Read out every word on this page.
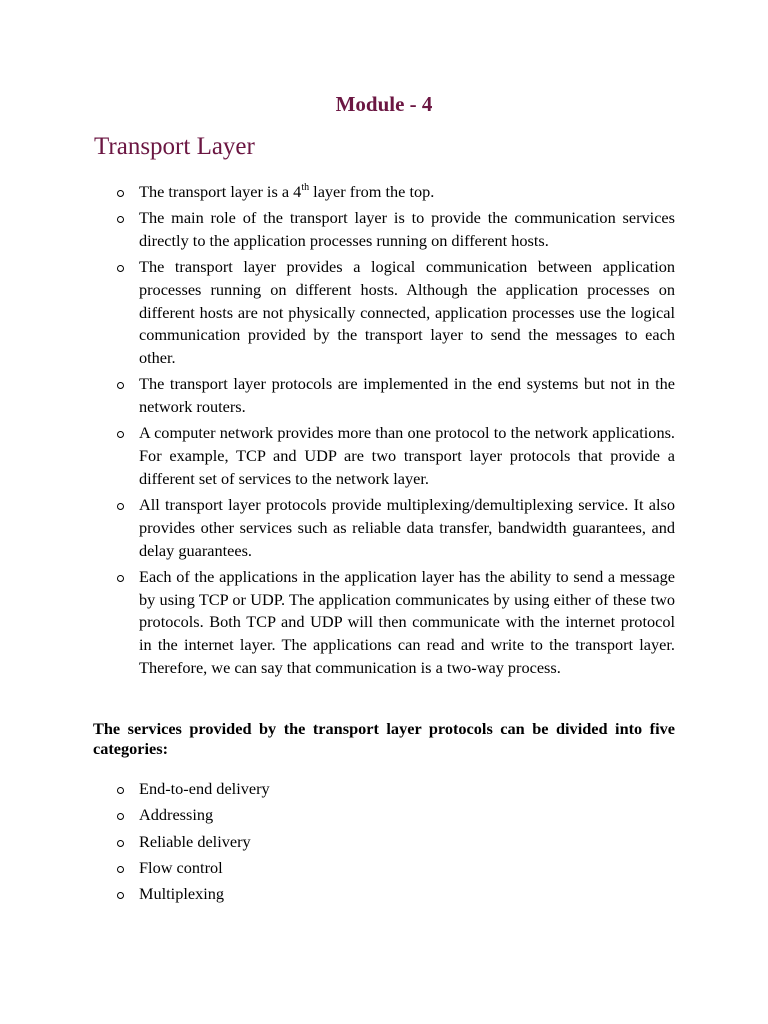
Module - 4
Transport Layer
The transport layer is a 4th layer from the top.
The main role of the transport layer is to provide the communication services directly to the application processes running on different hosts.
The transport layer provides a logical communication between application processes running on different hosts. Although the application processes on different hosts are not physically connected, application processes use the logical communication provided by the transport layer to send the messages to each other.
The transport layer protocols are implemented in the end systems but not in the network routers.
A computer network provides more than one protocol to the network applications. For example, TCP and UDP are two transport layer protocols that provide a different set of services to the network layer.
All transport layer protocols provide multiplexing/demultiplexing service. It also provides other services such as reliable data transfer, bandwidth guarantees, and delay guarantees.
Each of the applications in the application layer has the ability to send a message by using TCP or UDP. The application communicates by using either of these two protocols. Both TCP and UDP will then communicate with the internet protocol in the internet layer. The applications can read and write to the transport layer. Therefore, we can say that communication is a two-way process.
The services provided by the transport layer protocols can be divided into five categories:
End-to-end delivery
Addressing
Reliable delivery
Flow control
Multiplexing
